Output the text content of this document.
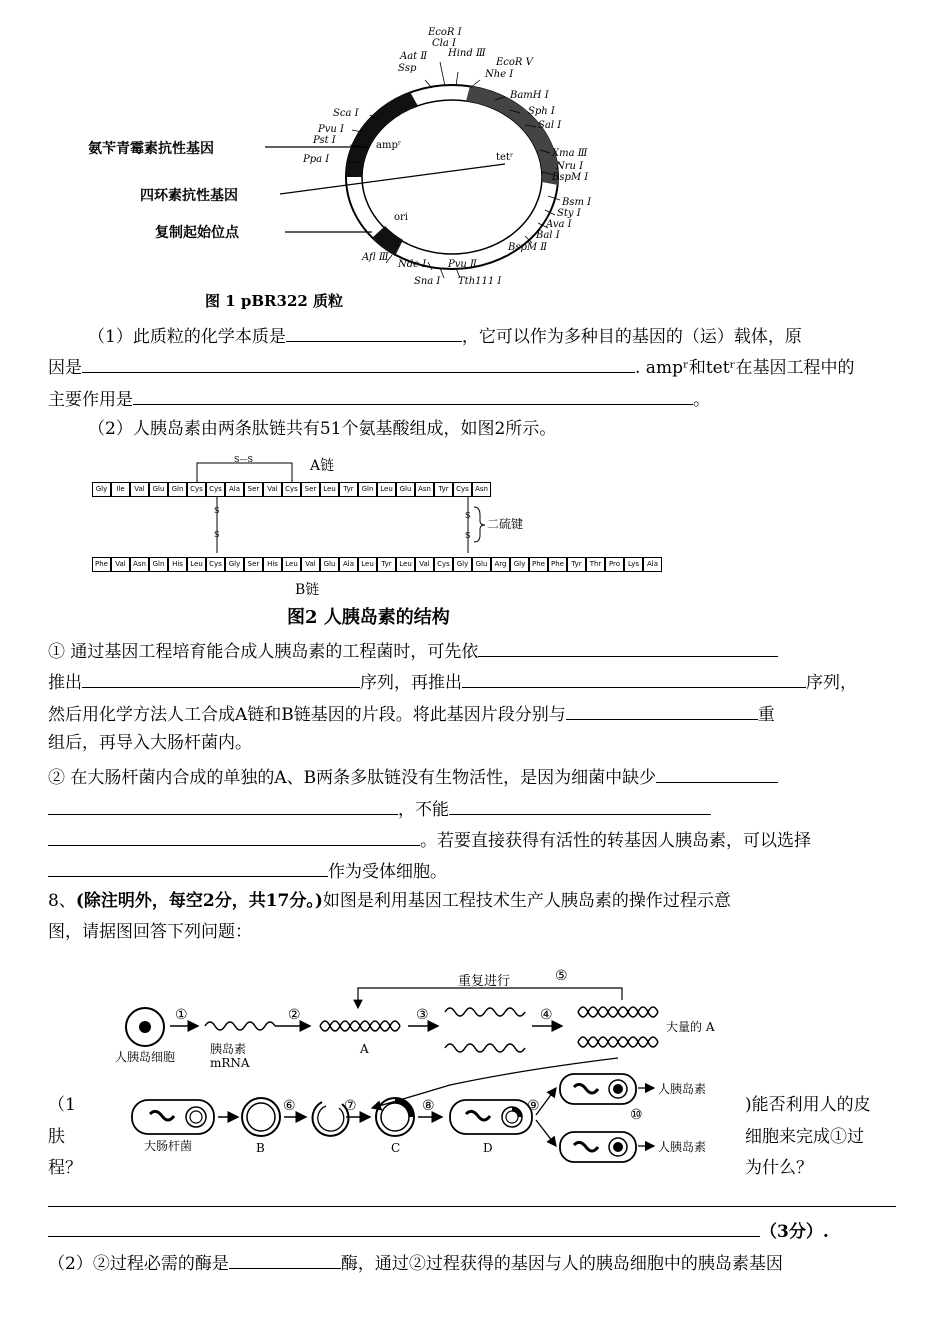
氨苄青霉素抗性基因
四环素抗性基因
复制起始位点
ampʳ
tetʳ
ori
EcoR Ⅰ
Cla Ⅰ
Hind Ⅲ
EcoR Ⅴ
Nhe Ⅰ
Aat Ⅱ
Ssp
BamH Ⅰ
Sph Ⅰ
Sal Ⅰ
Sca Ⅰ
Pvu Ⅰ
Pst Ⅰ
Ppa Ⅰ
Xma Ⅲ
Nru Ⅰ
BspM Ⅰ
Bsm Ⅰ
Sty Ⅰ
Ava Ⅰ
Bal Ⅰ
BspM Ⅱ
Afl Ⅲ
Nde Ⅰ
Sna Ⅰ
Pvu Ⅱ
Tth111 Ⅰ
图 1 pBR322 质粒
（1）此质粒的化学本质是	，它可以作为多种目的基因的（运）载体，原
因是	. ampʳ和tetʳ在基因工程中的
主要作用是	。
（2）人胰岛素由两条肽链共有51个氨基酸组成，如图2所示。
S—S	A链
S
S
S
S
二硫键
Gly	Ile	Val	Glu	Gln Cys Cys	Ala	Ser	Val	Cys Ser Leu	Tyr	Gln Leu Glu Asn	Tyr	Cys Asn
Phe	Val	Asn Gln	His	Leu Cys Gly	Ser	His	Leu	Val	Glu	Ala	Leu	Tyr	Leu	Val	Cys Gly	Glu	Arg	Gly Phe Phe	Tyr	Thr	Pro	Lys	Ala
B链
图2 人胰岛素的结构
① 通过基因工程培育能合成人胰岛素的工程菌时，可先依
推出	序列，再推出	序列，
然后用化学方法人工合成A链和B链基因的片段。将此基因片段分别与	重
组后，再导入大肠杆菌内。
② 在大肠杆菌内合成的单独的A、B两条多肽链没有生物活性，是因为细菌中缺少
，不能
。若要直接获得有活性的转基因人胰岛素，可以选择
作为受体细胞。
8、(除注明外，每空2分，共17分。)如图是利用基因工程技术生产人胰岛素的操作过程示意
图，请据图回答下列问题：
重复进行	⑤
①	②	③	④
人胰岛细胞
胰岛素
mRNA
A
大量的 A
大肠杆菌	B	C	D
⑥	⑦	⑧	⑨
⑩
人胰岛素
人胰岛素
（1
肤
程？
)能否利用人的皮
细胞来完成①过
为什么？
（3分）.
（2）②过程必需的酶是	酶，通过②过程获得的基因与人的胰岛细胞中的胰岛素基因
